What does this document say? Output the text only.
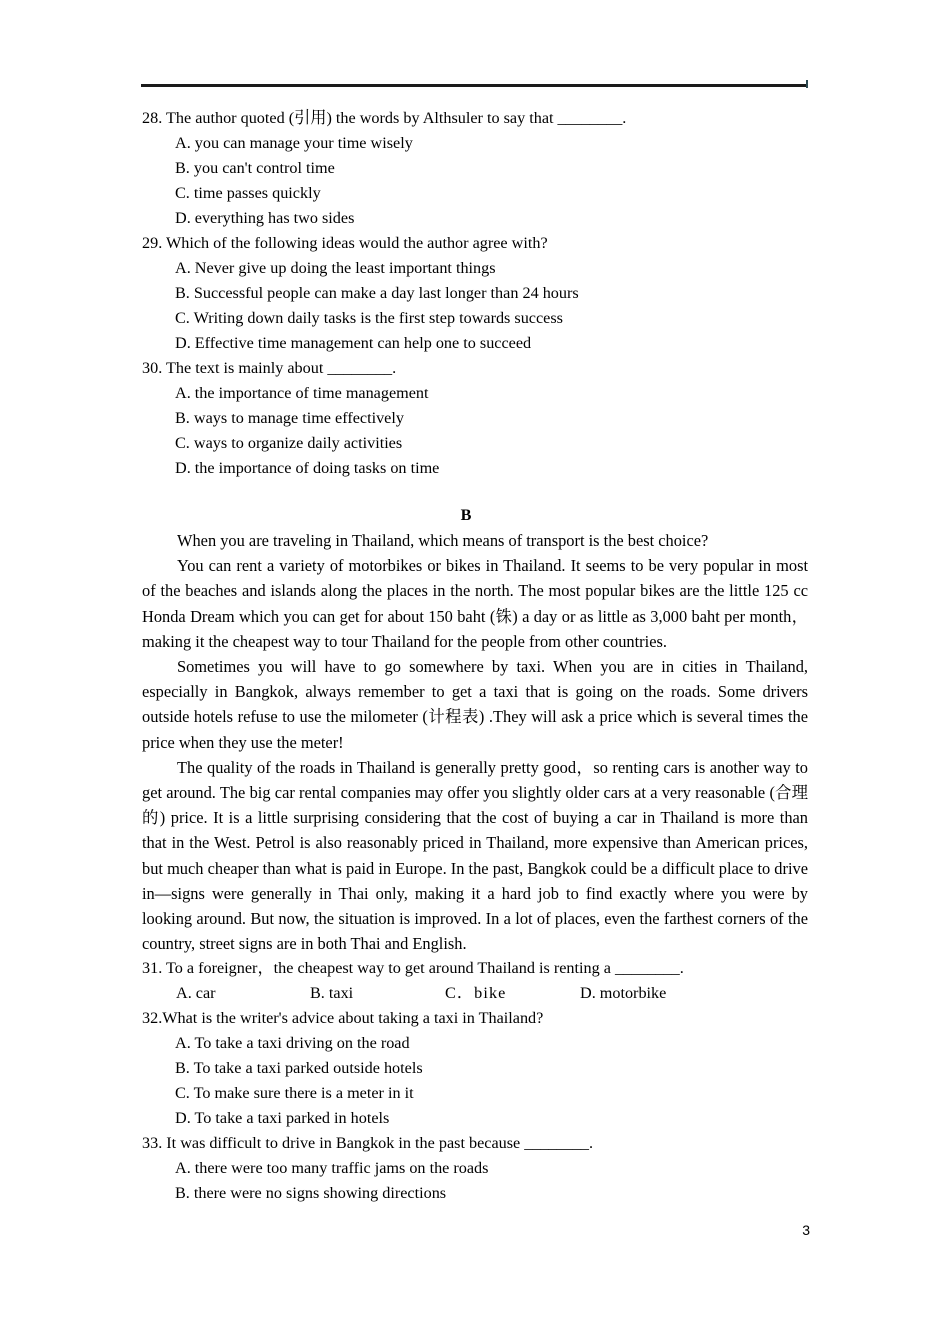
28. The author quoted (引用) the words by Althsuler to say that ________.

A. you can manage your time wisely

B. you can't control time

C. time passes quickly

D. everything has two sides

29. Which of the following ideas would the author agree with?

A. Never give up doing the least important things

B. Successful people can make a day last longer than 24 hours

C. Writing down daily tasks is the first step towards success

D. Effective time management can help one to succeed

30. The text is mainly about ________.

A. the importance of time management

B. ways to manage time effectively

C. ways to organize daily activities

D. the importance of doing tasks on time

B

When you are traveling in Thailand, which means of transport is the best choice?

You can rent a variety of motorbikes or bikes in Thailand. It seems to be very popular in most of the beaches and islands along the places in the north. The most popular bikes are the little 125 cc Honda Dream which you can get for about 150 baht (铢) a day or as little as 3,000 baht per month，making it the cheapest way to tour Thailand for the people from other countries.

Sometimes you will have to go somewhere by taxi. When you are in cities in Thailand, especially in Bangkok, always remember to get a taxi that is going on the roads. Some drivers outside hotels refuse to use the milometer (计程表) .They will ask a price which is several times the price when they use the meter!

The quality of the roads in Thailand is generally pretty good，so renting cars is another way to get around. The big car rental companies may offer you slightly older cars at a very reasonable (合理的) price. It is a little surprising considering that the cost of buying a car in Thailand is more than that in the West. Petrol is also reasonably priced in Thailand, more expensive than American prices, but much cheaper than what is paid in Europe. In the past, Bangkok could be a difficult place to drive in—signs were generally in Thai only, making it a hard job to find exactly where you were by looking around. But now, the situation is improved. In a lot of places, even the farthest corners of the country, street signs are in both Thai and English.

31. To a foreigner，the cheapest way to get around Thailand is renting a ________.

A. car	B. taxi	C．bike	D. motorbike

32.What is the writer's advice about taking a taxi in Thailand?

A. To take a taxi driving on the road

B. To take a taxi parked outside hotels

C. To make sure there is a meter in it

D. To take a taxi parked in hotels

33. It was difficult to drive in Bangkok in the past because ________.

A. there were too many traffic jams on the roads

B. there were no signs showing directions

3
